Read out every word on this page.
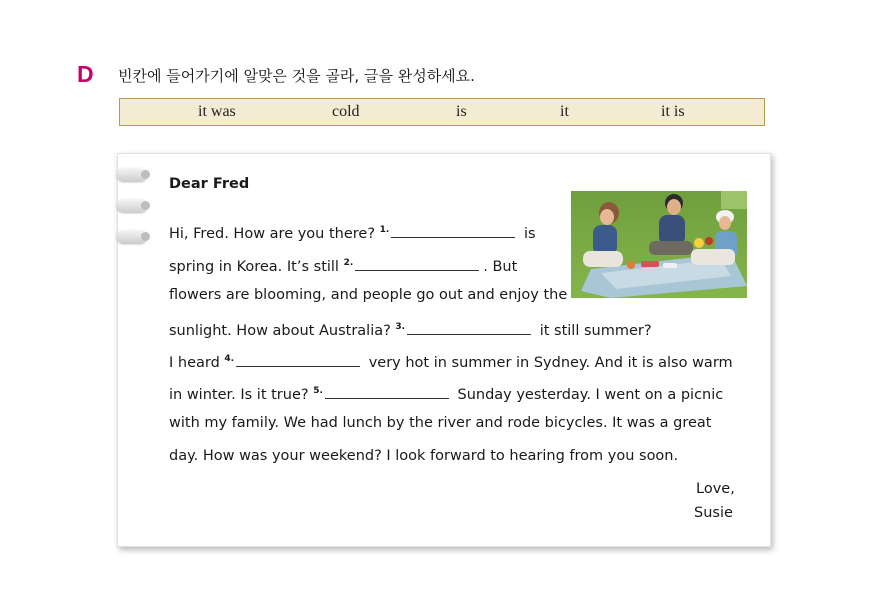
D 빈칸에 들어가기에 알맞은 것을 골라, 글을 완성하세요.
it was	cold	is	it	it is
Dear Fred
Hi, Fred. How are you there? $^{1.}$	is
spring in Korea. It’s still $^{2.}$	. But
flowers are blooming, and people go out and enjoy the
sunlight. How about Australia? $^{3.}$	it still summer?
I heard $^{4.}$	very hot in summer in Sydney. And it is also warm
in winter. Is it true? $^{5.}$	Sunday yesterday. I went on a picnic
with my family. We had lunch by the river and rode bicycles. It was a great
day. How was your weekend? I look forward to hearing from you soon.
Love,
Susie
